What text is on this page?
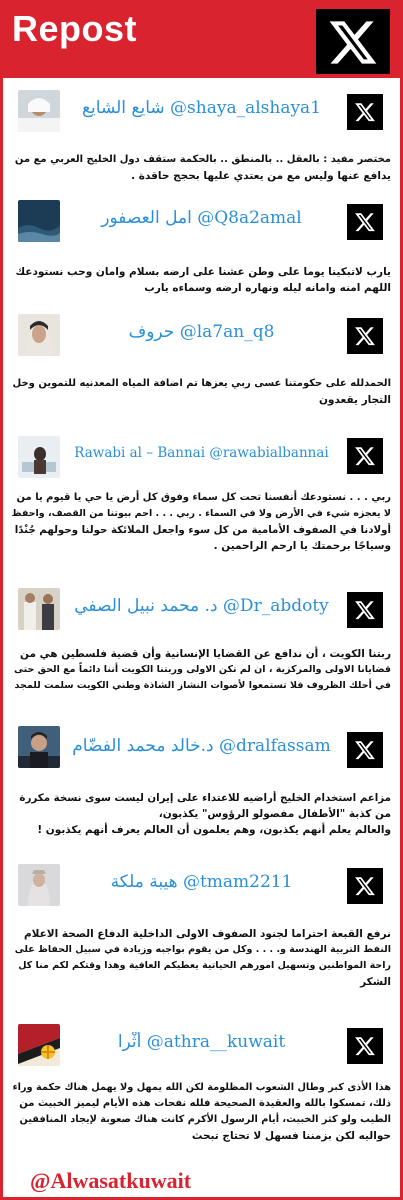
Repost
شايع الشايع @shaya_alshaya1
مختصر مفيد : بالعقل .. بالمنطق .. بالحكمة ستقف دول الخليج العربي مع من
يدافع عنها وليس مع من يعتدي عليها بحجج حاقدة .
امل العصفور @Q8a2amal
يارب لاتبكينا يوما على وطن عشنا على ارضه بسلام وامان وحب نستودعك
اللهم امنه وامانه ليله ونهاره ارضه وسماءه يارب
حروف @la7an_q8
الحمدلله على حكومتنا عسى ربي يعزها تم اضافة المياه المعدنيه للتموين وخل
التجار يقعدون
Rawabi al – Bannai @rawabialbannai
ربي . . . نستودعك أنفسنا تحت كل سماء وفوق كل أرض يا حي يا قيوم يا من
لا يعجزه شيء في الأرض ولا في السماء . ربي . . . احم بيوتنا من القصف، واحفظ
أولادنا في الصفوف الأمامية من كل سوء واجعل الملائكة حولنا وحولهم جُنْدًا
وسياجًا برحمتك يا ارحم الراحمين .
د. محمد نبيل الصفي @Dr_abdoty
ربتنا الكويت ، أن ندافع عن القضايا الإنسانية وأن قضية فلسطين هي من
قضايانا الاولى والمركزية ، ان لم تكن الاولى وربتنا الكويت أننا دائماً مع الحق حتى
في أحلك الظروف فلا تستمعوا لأصوات النشاز الشاذة وطني الكويت سلمت للمجد
د.خالد محمد الفضّام @dralfassam
مزاعم استخدام الخليج أراضيه للاعتداء على إيران ليست سوى نسخة مكررة
من كذبة "الأطفال مفصولو الرؤوس" يكذبون،
والعالم يعلم أنهم يكذبون، وهم يعلمون أن العالم يعرف أنهم يكذبون !
هيبة ملكة @tmam2211
نرفع القبعة احتراما لجنود الصفوف الاولى الداخلية الدفاع الصحة الاعلام
النفط التربية الهندسة و. . . . وكل من يقوم بواجبه وزيادة في سبيل الحفاظ على
راحة المواطنين وتسهيل امورهم الحياتية يعطيكم العافية وهذا وقتكم لكم منا كل
الشكر
أثْرا @athra__kuwait
هذا الأذى كبر وطال الشعوب المظلومة لكن الله يمهل ولا يهمل هناك حكمة وراء
ذلك، تمسكوا بالله والعقيدة الصحيحة فلله نفحات هذه الأيام ليميز الخبيث من
الطيب ولو كثر الخبيث، أيام الرسول الأكرم كانت هناك صعوبة لإيجاد المنافقين
حواليه لكن بزمننا فسهل لا تحتاج تبحث
@Alwasatkuwait
